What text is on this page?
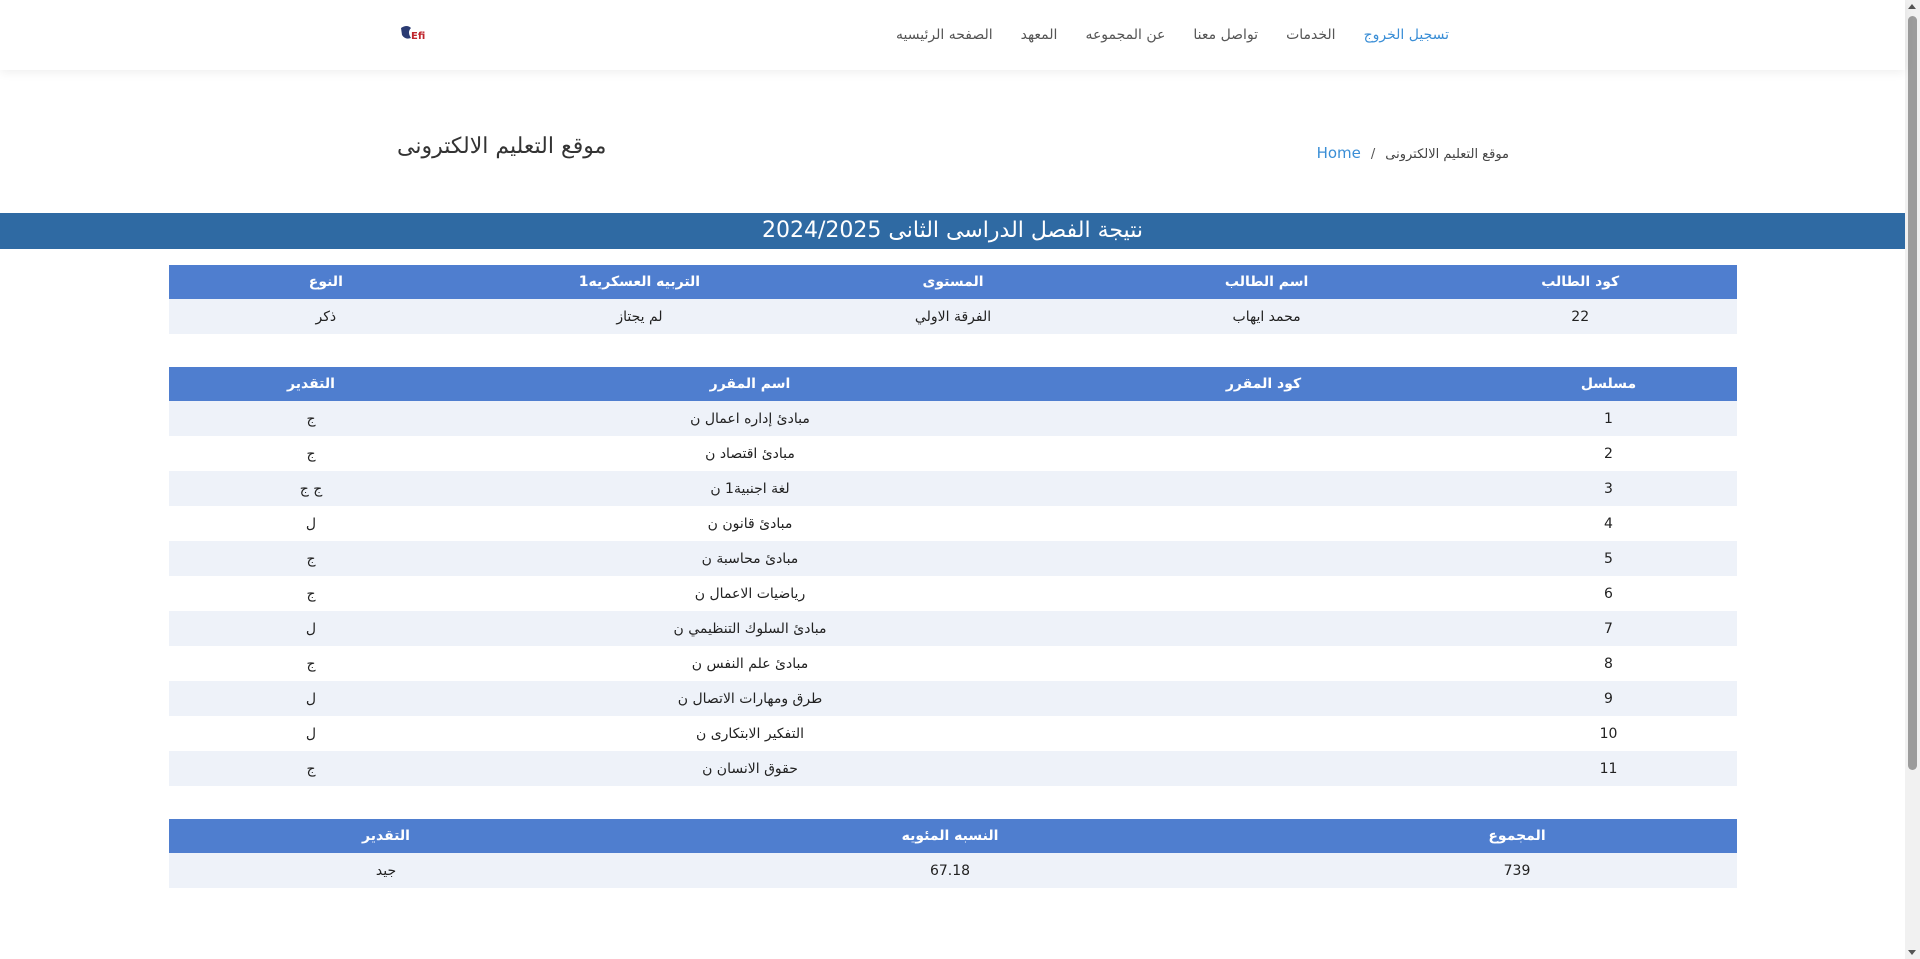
Efi	الصفحه الرئيسيه المعهد عن المجموعه تواصل معنا الخدمات تسجيل الخروج
موقع التعليم الالكترونى	Home / موقع التعليم الالكترونى
نتيجة الفصل الدراسى الثانى 2024/2025
كود الطالب	اسم الطالب	المستوى	التربيه العسكريه1	النوع
22	محمد ايهاب	الفرقة الاولي	لم يجتاز	ذكر
مسلسل	كود المقرر	اسم المقرر	التقدير
1		مبادئ إداره اعمال ن	ج
2		مبادئ اقتصاد ن	ج
3		لغة اجنبية1 ن	ج ج
4		مبادئ قانون ن	ل
5		مبادئ محاسبة ن	ج
6		رياضيات الاعمال ن	ج
7		مبادئ السلوك التنظيمي ن	ل
8		مبادئ علم النفس ن	ج
9		طرق ومهارات الاتصال ن	ل
10		التفكير الابتكارى ن	ل
11		حقوق الانسان ن	ج
المجموع	النسبه المئويه	التقدير
739	67.18	جيد
